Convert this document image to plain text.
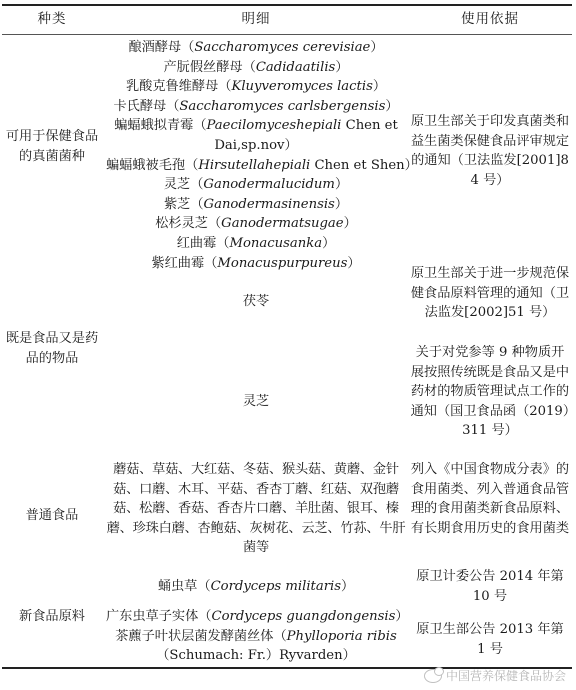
种类	明细	使用依据
可用于保健食品的真菌菌种
酿酒酵母（Saccharomyces cerevisiae）
产朊假丝酵母（Cadidaatilis）
乳酸克鲁维酵母（Kluyveromyces lactis）
卡氏酵母（Saccharomyces carlsbergensis）
蝙蝠蛾拟青霉（Paecilomyceshepiali Chen et
Dai,sp.nov）
蝙蝠蛾被毛孢（Hirsutellahepiali Chen et Shen）
灵芝（Ganodermalucidum）
紫芝（Ganodermasinensis）
松杉灵芝（Ganodermatsugae）
红曲霉（Monacusanka）
紫红曲霉（Monacuspurpureus）
原卫生部关于印发真菌类和益生菌类保健食品评审规定的通知（卫法监发[2001]84 号）
既是食品又是药品的物品
茯苓
灵芝
原卫生部关于进一步规范保健食品原料管理的通知（卫法监发[2002]51 号）
关于对党参等 9 种物质开展按照传统既是食品又是中药材的物质管理试点工作的通知（国卫食品函（2019）311 号）
普通食品
蘑菇、草菇、大红菇、冬菇、猴头菇、黄蘑、金针菇、口蘑、木耳、平菇、香杏丁蘑、红菇、双孢蘑菇、松蘑、香菇、香杏片口蘑、羊肚菌、银耳、榛蘑、珍珠白蘑、杏鲍菇、灰树花、云芝、竹荪、牛肝菌等
列入《中国食物成分表》的食用菌类、列入普通食品管理的食用菌类新食品原料、有长期食用历史的食用菌类
新食品原料
蛹虫草（Cordyceps militaris）
广东虫草子实体（Cordyceps guangdongensis）
茶藨子叶状层菌发酵菌丝体（Phylloporia ribis
（Schumach: Fr.）Ryvarden）
原卫计委公告 2014 年第 10 号
原卫生部公告 2013 年第 1 号
中国营养保健食品协会
